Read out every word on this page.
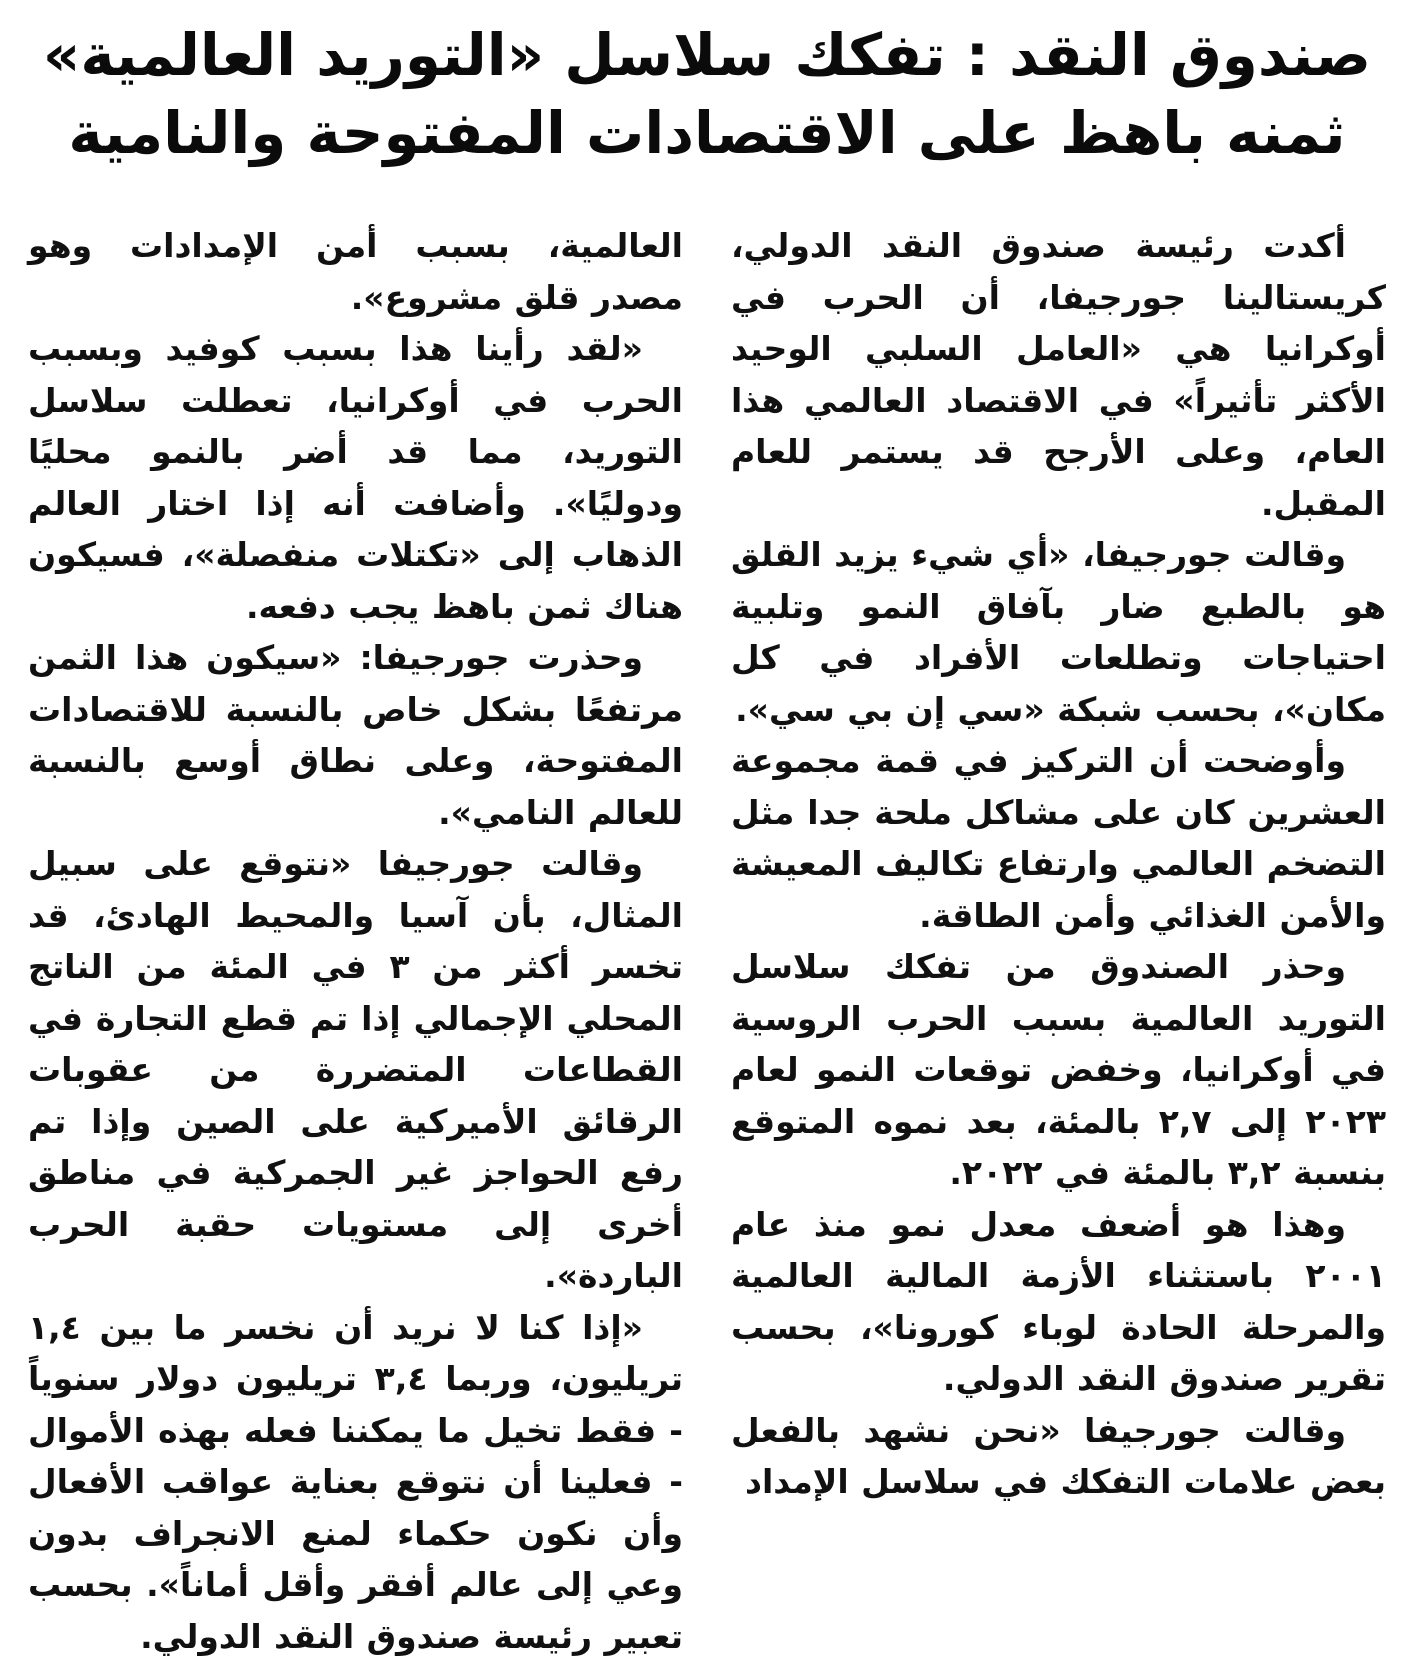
صندوق النقد : تفكك سلاسل «التوريد العالمية»
ثمنه باهظ على الاقتصادات المفتوحة والنامية

أكدت رئيسة صندوق النقد الدولي، كريستالينا جورجيفا، أن الحرب في أوكرانيا هي «العامل السلبي الوحيد الأكثر تأثيراً» في الاقتصاد العالمي هذا العام، وعلى الأرجح قد يستمر للعام المقبل.

وقالت جورجيفا، «أي شيء يزيد القلق هو بالطبع ضار بآفاق النمو وتلبية احتياجات وتطلعات الأفراد في كل مكان»، بحسب شبكة «سي إن بي سي».

وأوضحت أن التركيز في قمة مجموعة العشرين كان على مشاكل ملحة جدا مثل التضخم العالمي وارتفاع تكاليف المعيشة والأمن الغذائي وأمن الطاقة.

وحذر الصندوق من تفكك سلاسل التوريد العالمية بسبب الحرب الروسية في أوكرانيا، وخفض توقعات النمو لعام ٢٠٢٣ إلى ٢,٧ بالمئة، بعد نموه المتوقع بنسبة ٣,٢ بالمئة في ٢٠٢٢.

وهذا هو أضعف معدل نمو منذ عام ٢٠٠١ باستثناء الأزمة المالية العالمية والمرحلة الحادة لوباء كورونا»، بحسب تقرير صندوق النقد الدولي.

وقالت جورجيفا «نحن نشهد بالفعل بعض علامات التفكك في سلاسل الإمداد

العالمية، بسبب أمن الإمدادات وهو مصدر قلق مشروع».

«لقد رأينا هذا بسبب كوفيد وبسبب الحرب في أوكرانيا، تعطلت سلاسل التوريد، مما قد أضر بالنمو محليًا ودوليًا». وأضافت أنه إذا اختار العالم الذهاب إلى «تكتلات منفصلة»، فسيكون هناك ثمن باهظ يجب دفعه.

وحذرت جورجيفا: «سيكون هذا الثمن مرتفعًا بشكل خاص بالنسبة للاقتصادات المفتوحة، وعلى نطاق أوسع بالنسبة للعالم النامي».

وقالت جورجيفا «نتوقع على سبيل المثال، بأن آسيا والمحيط الهادئ، قد تخسر أكثر من ٣ في المئة من الناتج المحلي الإجمالي إذا تم قطع التجارة في القطاعات المتضررة من عقوبات الرقائق الأميركية على الصين وإذا تم رفع الحواجز غير الجمركية في مناطق أخرى إلى مستويات حقبة الحرب الباردة».

«إذا كنا لا نريد أن نخسر ما بين ١,٤ تريليون، وربما ٣,٤ تريليون دولار سنوياً - فقط تخيل ما يمكننا فعله بهذه الأموال - فعلينا أن نتوقع بعناية عواقب الأفعال وأن نكون حكماء لمنع الانجراف بدون وعي إلى عالم أفقر وأقل أماناً». بحسب تعبير رئيسة صندوق النقد الدولي.
